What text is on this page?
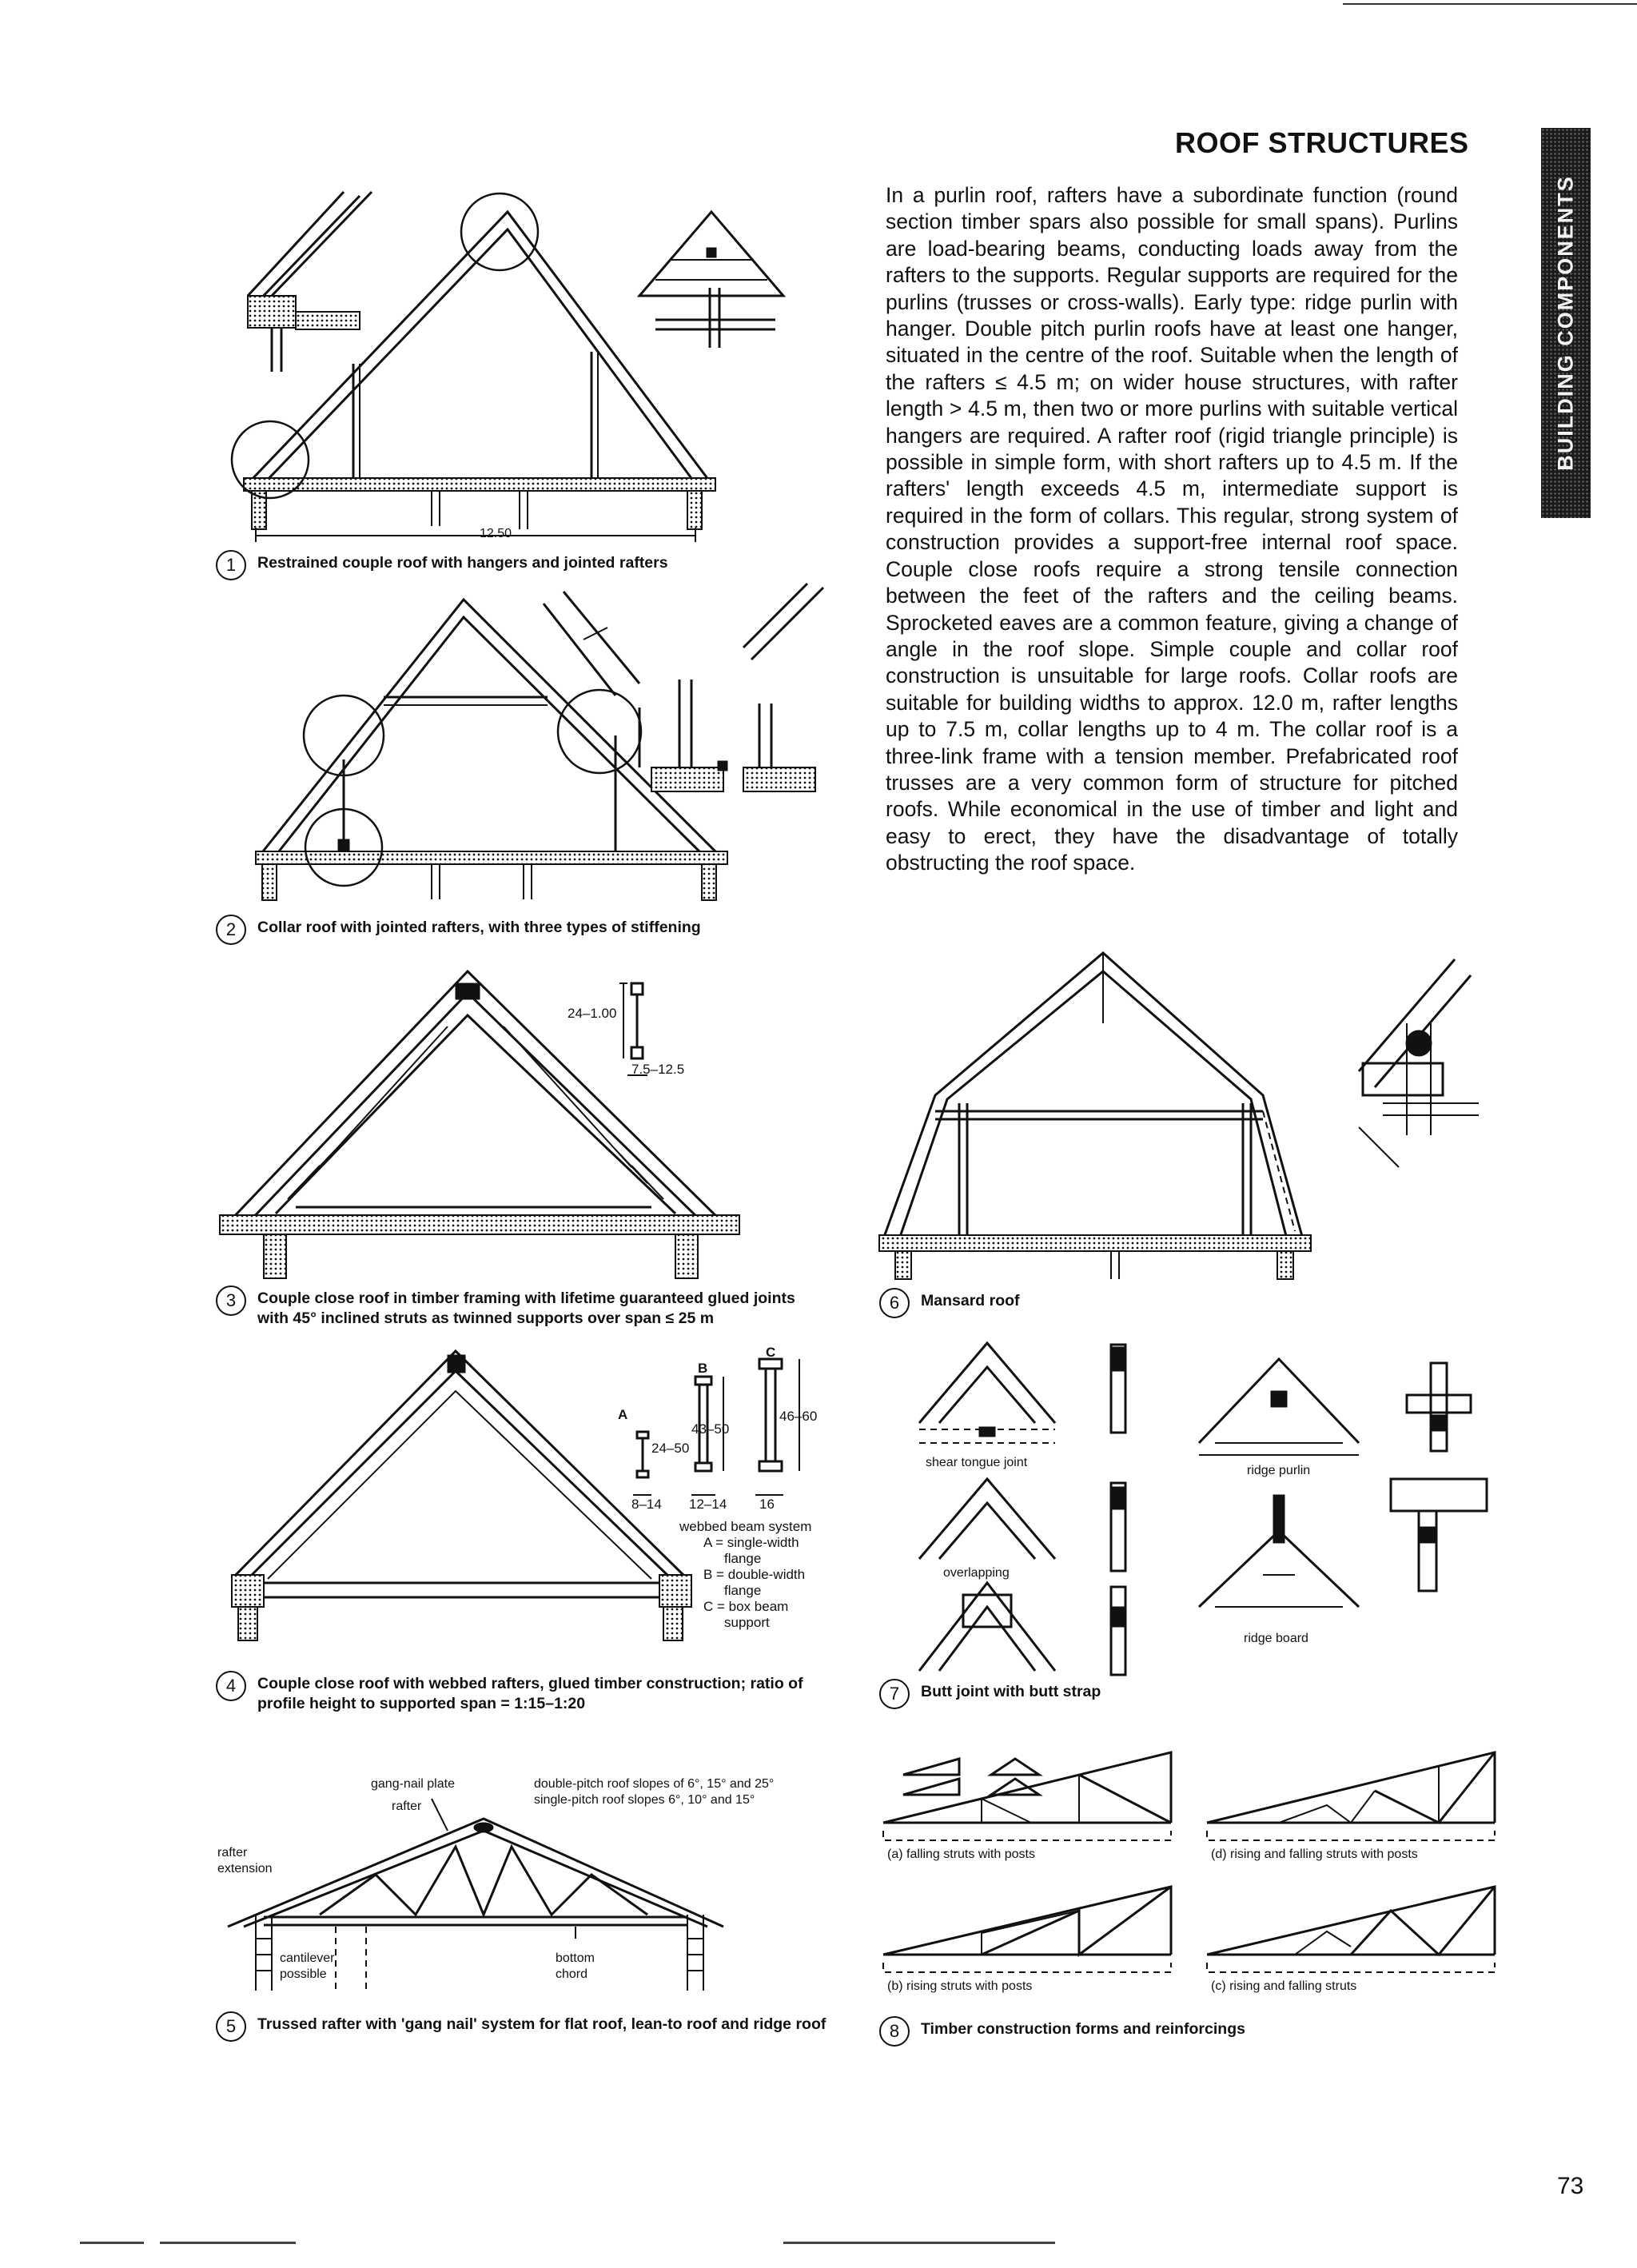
ROOF STRUCTURES
BUILDING COMPONENTS
In a purlin roof, rafters have a subordinate function (round section timber spars also possible for small spans). Purlins are load-bearing beams, conducting loads away from the rafters to the supports. Regular supports are required for the purlins (trusses or cross-walls). Early type: ridge purlin with hanger. Double pitch purlin roofs have at least one hanger, situated in the centre of the roof. Suitable when the length of the rafters ≤ 4.5 m; on wider house structures, with rafter length > 4.5 m, then two or more purlins with suitable vertical hangers are required. A rafter roof (rigid triangle principle) is possible in simple form, with short rafters up to 4.5 m. If the rafters' length exceeds 4.5 m, intermediate support is required in the form of collars. This regular, strong system of construction provides a support-free internal roof space. Couple close roofs require a strong tensile connection between the feet of the rafters and the ceiling beams. Sprocketed eaves are a common feature, giving a change of angle in the roof slope. Simple couple and collar roof construction is unsuitable for large roofs. Collar roofs are suitable for building widths to approx. 12.0 m, rafter lengths up to 7.5 m, collar lengths up to 4 m. The collar roof is a three-link frame with a tension member. Prefabricated roof trusses are a very common form of structure for pitched roofs. While economical in the use of timber and light and easy to erect, they have the disadvantage of totally obstructing the roof space.
73
12.50
1	Restrained couple roof with hangers and jointed rafters
2	Collar roof with jointed rafters, with three types of stiffening
24–1.00
7.5–12.5
3	Couple close roof in timber framing with lifetime guaranteed glued joints with 45° inclined struts as twinned supports over span ≤ 25 m
B
C
A
24–50
43–50
46–60
8–14 12–14 16
webbed beam system
A = single-width
flange
B = double-width
flange
C = box beam
support
4	Couple close roof with webbed rafters, glued timber construction; ratio of profile height to supported span = 1:15–1:20
gang-nail plate
rafter
double-pitch roof slopes of 6°, 15° and 25°
single-pitch roof slopes 6°, 10° and 15°
rafter
extension
cantilever
possible
bottom
chord
5	Trussed rafter with 'gang nail' system for flat roof, lean-to roof and ridge roof
6	Mansard roof
shear tongue joint
overlapping
ridge purlin
ridge board
7	Butt joint with butt strap
(a) falling struts with posts	(d) rising and falling struts with posts
(b) rising struts with posts	(c) rising and falling struts
8	Timber construction forms and reinforcings
